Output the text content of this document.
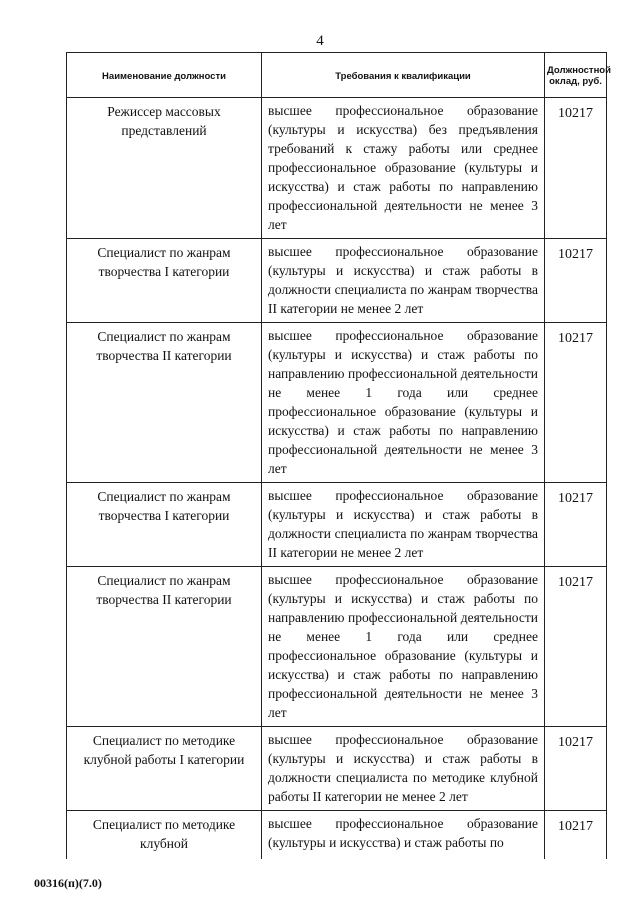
4
Наименование должности	Требования к квалификации	Должностной оклад, руб.
Режиссер массовых представлений	высшее профессиональное образование (культуры и искусства) без предъявления требований к стажу работы или среднее профессиональное образование (культуры и искусства) и стаж работы по направлению профессиональной деятельности не менее 3 лет	10217
Специалист по жанрам творчества I категории	высшее профессиональное образование (культуры и искусства) и стаж работы в должности специалиста по жанрам творчества II категории не менее 2 лет	10217
Специалист по жанрам творчества II категории	высшее профессиональное образование (культуры и искусства) и стаж работы по направлению профессиональной деятельности не менее 1 года или среднее профессиональное образование (культуры и искусства) и стаж работы по направлению профессиональной деятельности не менее 3 лет	10217
Специалист по жанрам творчества I категории	высшее профессиональное образование (культуры и искусства) и стаж работы в должности специалиста по жанрам творчества II категории не менее 2 лет	10217
Специалист по жанрам творчества II категории	высшее профессиональное образование (культуры и искусства) и стаж работы по направлению профессиональной деятельности не менее 1 года или среднее профессиональное образование (культуры и искусства) и стаж работы по направлению профессиональной деятельности не менее 3 лет	10217
Специалист по методике клубной работы I категории	высшее профессиональное образование (культуры и искусства) и стаж работы в должности специалиста по методике клубной работы II категории не менее 2 лет	10217
Специалист по методике клубной	высшее профессиональное образование (культуры и искусства) и стаж работы по	10217
00316(п)(7.0)
